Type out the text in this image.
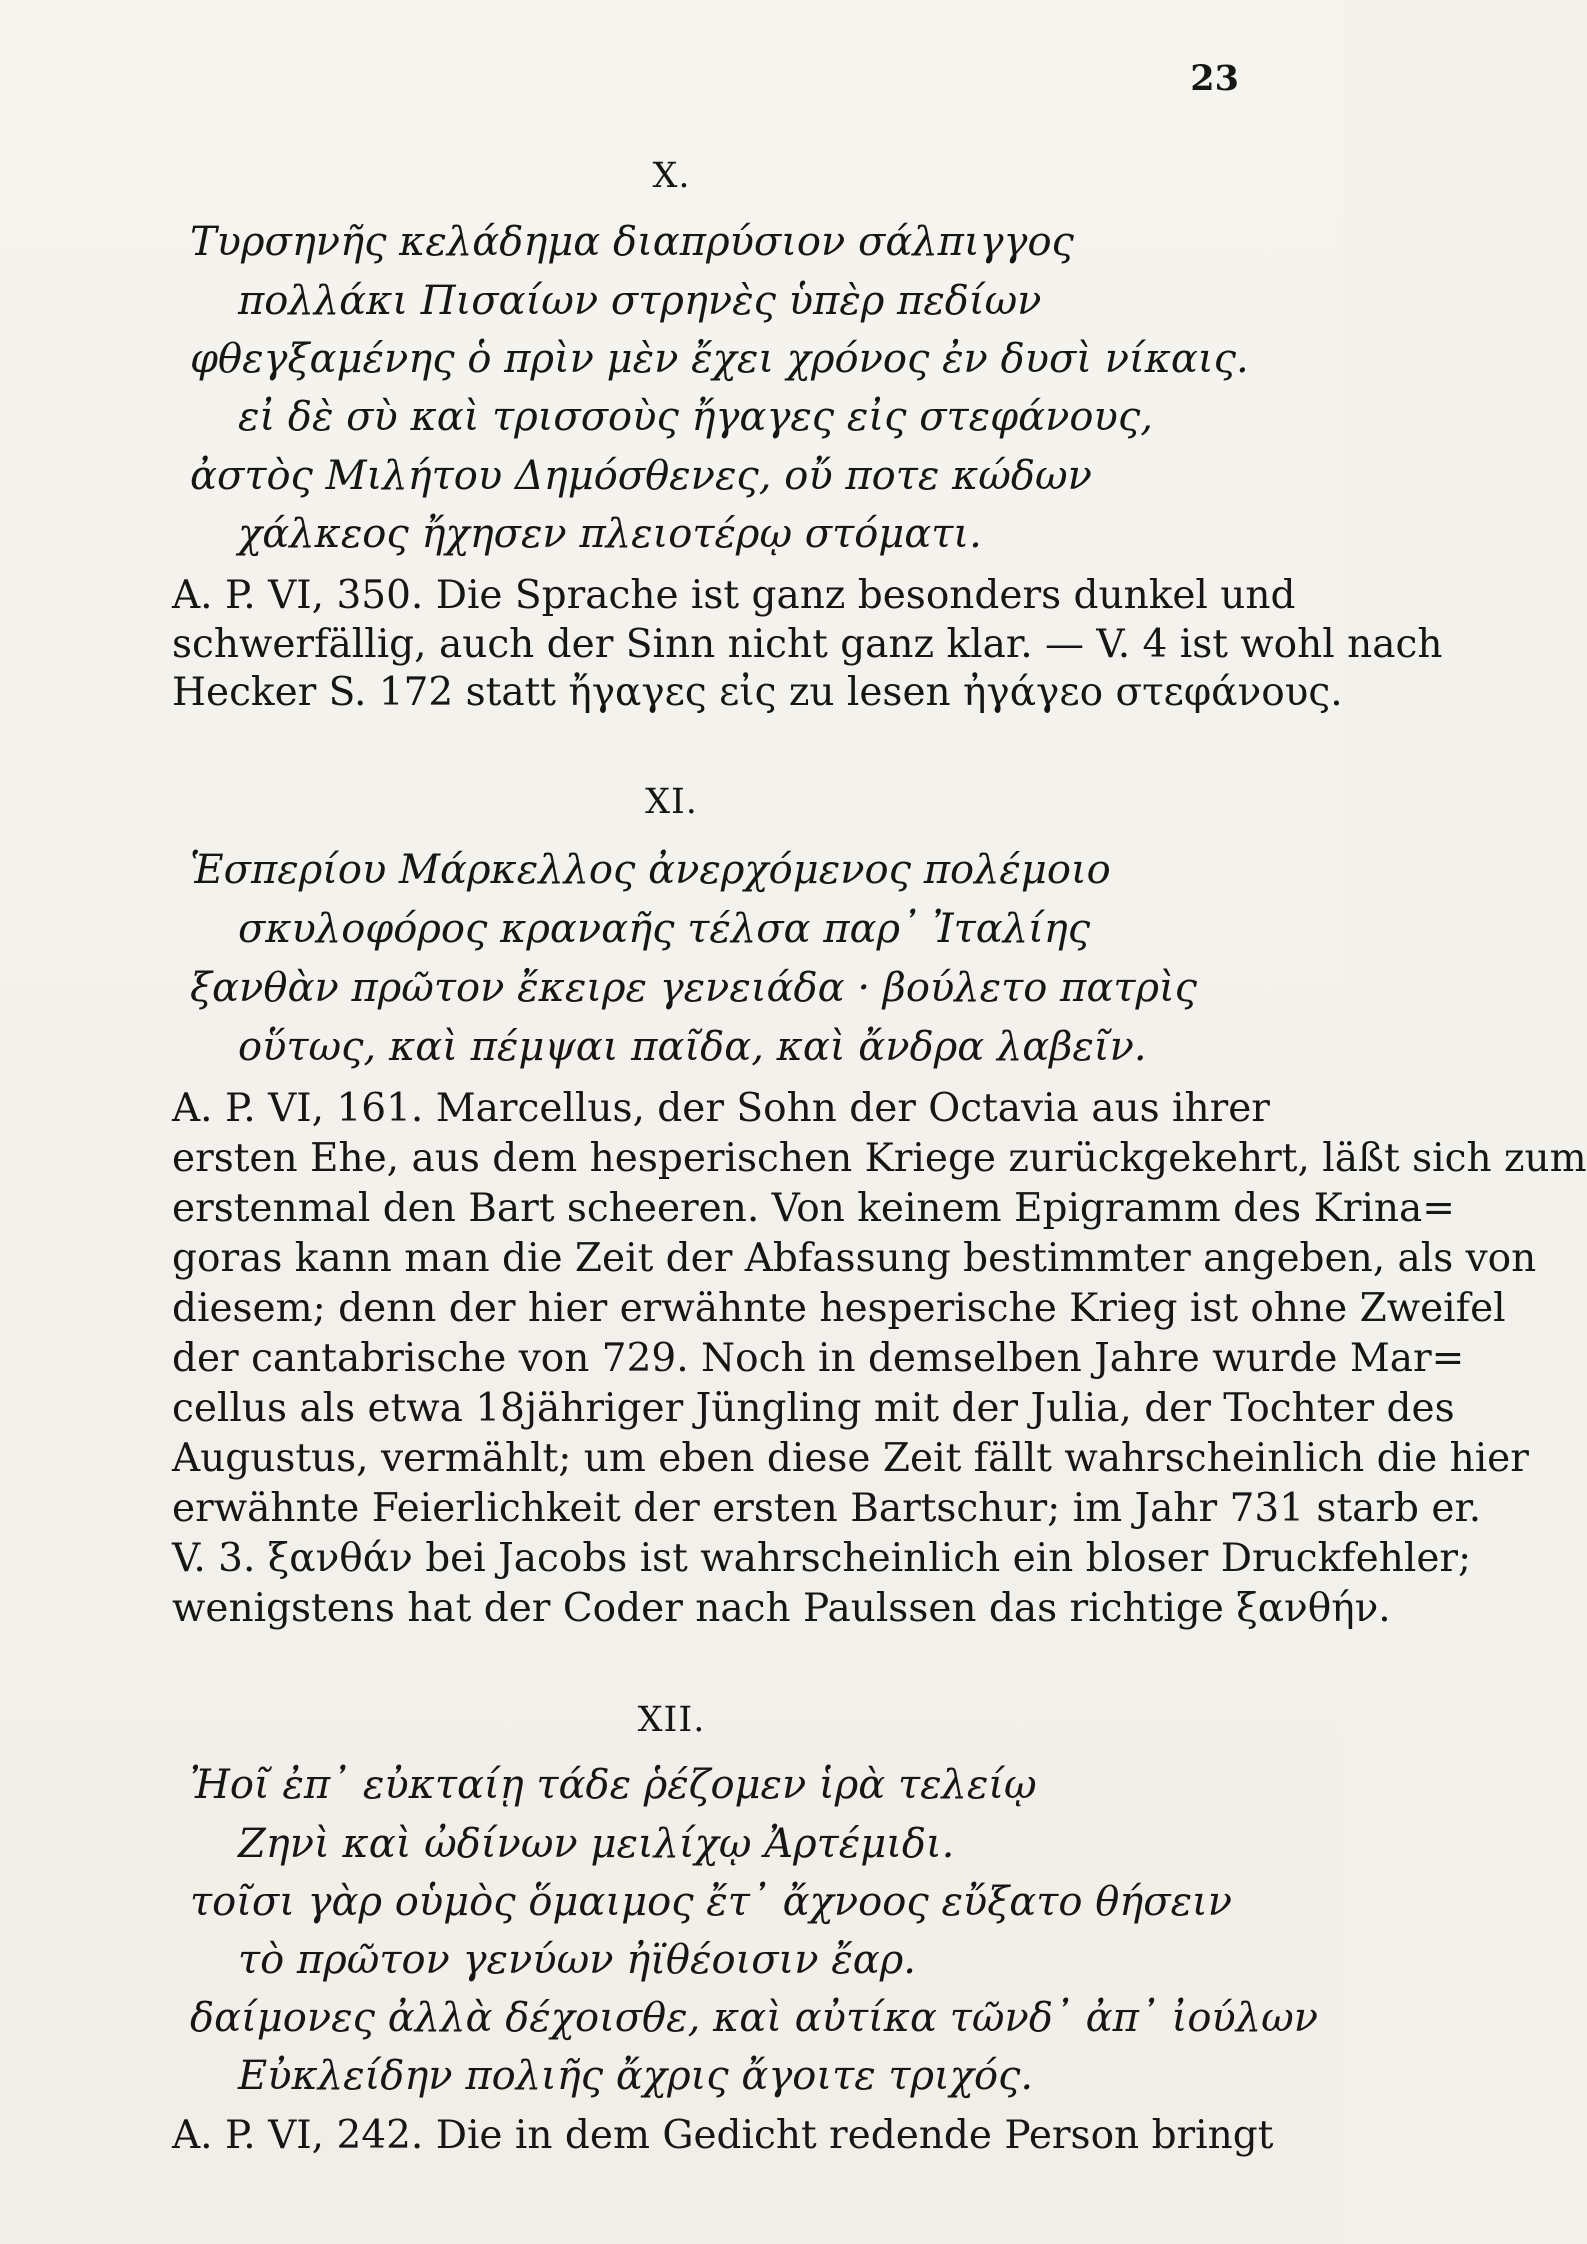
23
X.
Τυρσηνῆς κελάδημα διαπρύσιον σάλπιγγος
πολλάκι Πισαίων στρηνὲς ὑπὲρ πεδίων
φθεγξαμένης ὁ πρὶν μὲν ἔχει χρόνος ἐν δυσὶ νίκαις.
εἰ δὲ σὺ καὶ τρισσοὺς ἤγαγες εἰς στεφάνους,
ἀστὸς Μιλήτου Δημόσθενες, οὔ ποτε κώδων
χάλκεος ἤχησεν πλειοτέρῳ στόματι.
A. P. VI, 350. Die Sprache ist ganz besonders dunkel und
schwerfällig, auch der Sinn nicht ganz klar. — V. 4 ist wohl nach
Hecker S. 172 statt ἤγαγες εἰς zu lesen ἠγάγεο στεφάνους.
XI.
Ἑσπερίου Μάρκελλος ἀνερχόμενος πολέμοιο
σκυλοφόρος κραναῆς τέλσα παρ᾽ Ἰταλίης
ξανθὰν πρῶτον ἔκειρε γενειάδα · βούλετο πατρὶς
οὕτως, καὶ πέμψαι παῖδα, καὶ ἄνδρα λαβεῖν.
A. P. VI, 161. Marcellus, der Sohn der Octavia aus ihrer
ersten Ehe, aus dem hesperischen Kriege zurückgekehrt, läßt sich zum
erstenmal den Bart scheeren. Von keinem Epigramm des Krina=
goras kann man die Zeit der Abfassung bestimmter angeben, als von
diesem; denn der hier erwähnte hesperische Krieg ist ohne Zweifel
der cantabrische von 729. Noch in demselben Jahre wurde Mar=
cellus als etwa 18jähriger Jüngling mit der Julia, der Tochter des
Augustus, vermählt; um eben diese Zeit fällt wahrscheinlich die hier
erwähnte Feierlichkeit der ersten Bartschur; im Jahr 731 starb er.
V. 3. ξανθάν bei Jacobs ist wahrscheinlich ein bloser Druckfehler;
wenigstens hat der Coder nach Paulssen das richtige ξανθήν.
XII.
Ἠοῖ ἐπ᾽ εὐκταίῃ τάδε ῥέζομεν ἱρὰ τελείῳ
Ζηνὶ καὶ ὠδίνων μειλίχῳ Ἀρτέμιδι.
τοῖσι γὰρ οὑμὸς ὅμαιμος ἔτ᾽ ἄχνοος εὔξατο θήσειν
τὸ πρῶτον γενύων ἠϊθέοισιν ἔαρ.
δαίμονες ἀλλὰ δέχοισθε, καὶ αὐτίκα τῶνδ᾽ ἀπ᾽ ἰούλων
Εὐκλείδην πολιῆς ἄχρις ἄγοιτε τριχός.
A. P. VI, 242. Die in dem Gedicht redende Person bringt
